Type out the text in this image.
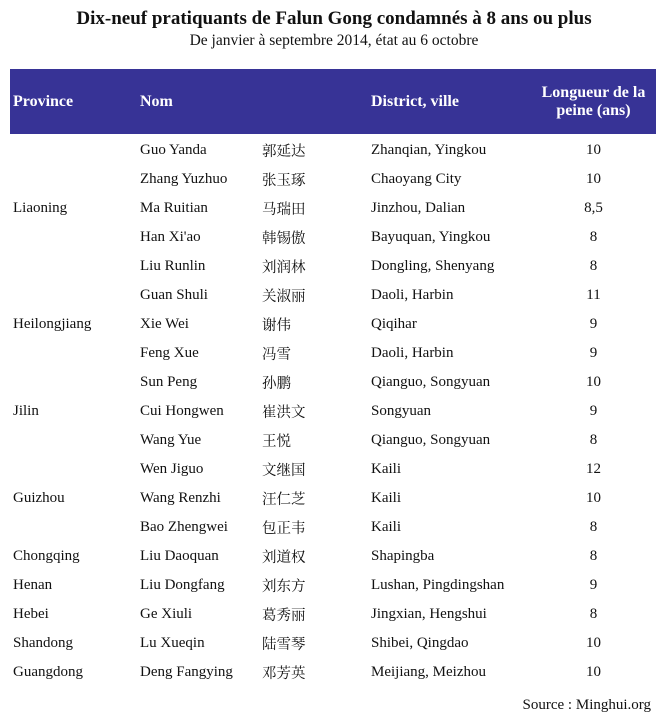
Dix-neuf pratiquants de Falun Gong condamnés à 8 ans ou plus
De janvier à septembre 2014, état au 6 octobre
Province	Nom		District, ville	Longueur de la peine (ans)
Liaoning	Guo Yanda	郭延达	Zhanqian, Yingkou	10
	Zhang Yuzhuo	张玉琢	Chaoyang City	10
	Ma Ruitian	马瑞田	Jinzhou, Dalian	8,5
	Han Xi'ao	韩锡傲	Bayuquan, Yingkou	8
	Liu Runlin	刘润林	Dongling, Shenyang	8
Heilongjiang	Guan Shuli	关淑丽	Daoli, Harbin	11
	Xie Wei	谢伟	Qiqihar	9
	Feng Xue	冯雪	Daoli, Harbin	9
Jilin	Sun Peng	孙鹏	Qianguo, Songyuan	10
	Cui Hongwen	崔洪文	Songyuan	9
	Wang Yue	王悦	Qianguo, Songyuan	8
Guizhou	Wen Jiguo	文继国	Kaili	12
	Wang Renzhi	汪仁芝	Kaili	10
	Bao Zhengwei	包正韦	Kaili	8
Chongqing	Liu Daoquan	刘道权	Shapingba	8
Henan	Liu Dongfang	刘东方	Lushan, Pingdingshan	9
Hebei	Ge Xiuli	葛秀丽	Jingxian, Hengshui	8
Shandong	Lu Xueqin	陆雪琴	Shibei, Qingdao	10
Guangdong	Deng Fangying	邓芳英	Meijiang, Meizhou	10
Source : Minghui.org
